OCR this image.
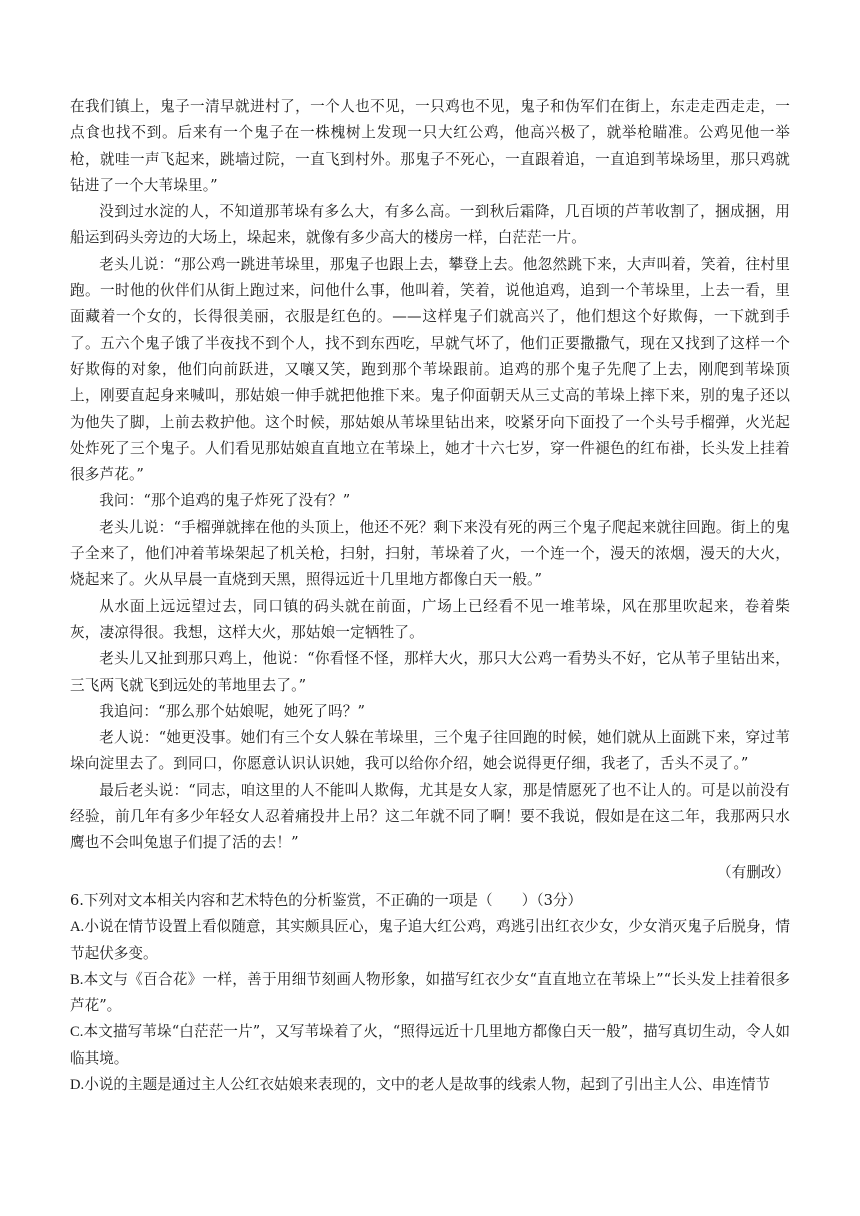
在我们镇上，鬼子一清早就进村了，一个人也不见，一只鸡也不见，鬼子和伪军们在街上，东走走西走走，一点食也找不到。后来有一个鬼子在一株槐树上发现一只大红公鸡，他高兴极了，就举枪瞄准。公鸡见他一举枪，就哇一声飞起来，跳墙过院，一直飞到村外。那鬼子不死心，一直跟着追，一直追到苇垛场里，那只鸡就钻进了一个大苇垛里。”

没到过水淀的人，不知道那苇垛有多么大，有多么高。一到秋后霜降，几百顷的芦苇收割了，捆成捆，用船运到码头旁边的大场上，垛起来，就像有多少高大的楼房一样，白茫茫一片。

老头儿说：“那公鸡一跳进苇垛里，那鬼子也跟上去，攀登上去。他忽然跳下来，大声叫着，笑着，往村里跑。一时他的伙伴们从街上跑过来，问他什么事，他叫着，笑着，说他追鸡，追到一个苇垛里，上去一看，里面藏着一个女的，长得很美丽，衣服是红色的。——这样鬼子们就高兴了，他们想这个好欺侮，一下就到手了。五六个鬼子饿了半夜找不到个人，找不到东西吃，早就气坏了，他们正要撒撒气，现在又找到了这样一个好欺侮的对象，他们向前跃进，又嚷又笑，跑到那个苇垛跟前。追鸡的那个鬼子先爬了上去，刚爬到苇垛顶上，刚要直起身来喊叫，那姑娘一伸手就把他推下来。鬼子仰面朝天从三丈高的苇垛上摔下来，别的鬼子还以为他失了脚，上前去救护他。这个时候，那姑娘从苇垛里钻出来，咬紧牙向下面投了一个头号手榴弹，火光起处炸死了三个鬼子。人们看见那姑娘直直地立在苇垛上，她才十六七岁，穿一件褪色的红布褂，长头发上挂着很多芦花。”

我问：“那个追鸡的鬼子炸死了没有？”

老头儿说：“手榴弹就摔在他的头顶上，他还不死？剩下来没有死的两三个鬼子爬起来就往回跑。街上的鬼子全来了，他们冲着苇垛架起了机关枪，扫射，扫射，苇垛着了火，一个连一个，漫天的浓烟，漫天的大火，烧起来了。火从早晨一直烧到天黑，照得远近十几里地方都像白天一般。”

从水面上远远望过去，同口镇的码头就在前面，广场上已经看不见一堆苇垛，风在那里吹起来，卷着柴灰，凄凉得很。我想，这样大火，那姑娘一定牺牲了。

老头儿又扯到那只鸡上，他说：“你看怪不怪，那样大火，那只大公鸡一看势头不好，它从苇子里钻出来，三飞两飞就飞到远处的苇地里去了。”

我追问：“那么那个姑娘呢，她死了吗？”

老人说：“她更没事。她们有三个女人躲在苇垛里，三个鬼子往回跑的时候，她们就从上面跳下来，穿过苇垛向淀里去了。到同口，你愿意认识认识她，我可以给你介绍，她会说得更仔细，我老了，舌头不灵了。”

最后老头说：“同志，咱这里的人不能叫人欺侮，尤其是女人家，那是情愿死了也不让人的。可是以前没有经验，前几年有多少年轻女人忍着痛投井上吊？这二年就不同了啊！要不我说，假如是在这二年，我那两只水鹰也不会叫兔崽子们提了活的去！”

（有删改）

6.下列对文本相关内容和艺术特色的分析鉴赏，不正确的一项是（　　）（3分）

A.小说在情节设置上看似随意，其实颇具匠心，鬼子追大红公鸡，鸡逃引出红衣少女，少女消灭鬼子后脱身，情节起伏多变。

B.本文与《百合花》一样，善于用细节刻画人物形象，如描写红衣少女“直直地立在苇垛上”“长头发上挂着很多芦花”。

C.本文描写苇垛“白茫茫一片”，又写苇垛着了火，“照得远近十几里地方都像白天一般”，描写真切生动，令人如临其境。

D.小说的主题是通过主人公红衣姑娘来表现的，文中的老人是故事的线索人物，起到了引出主人公、串连情节
